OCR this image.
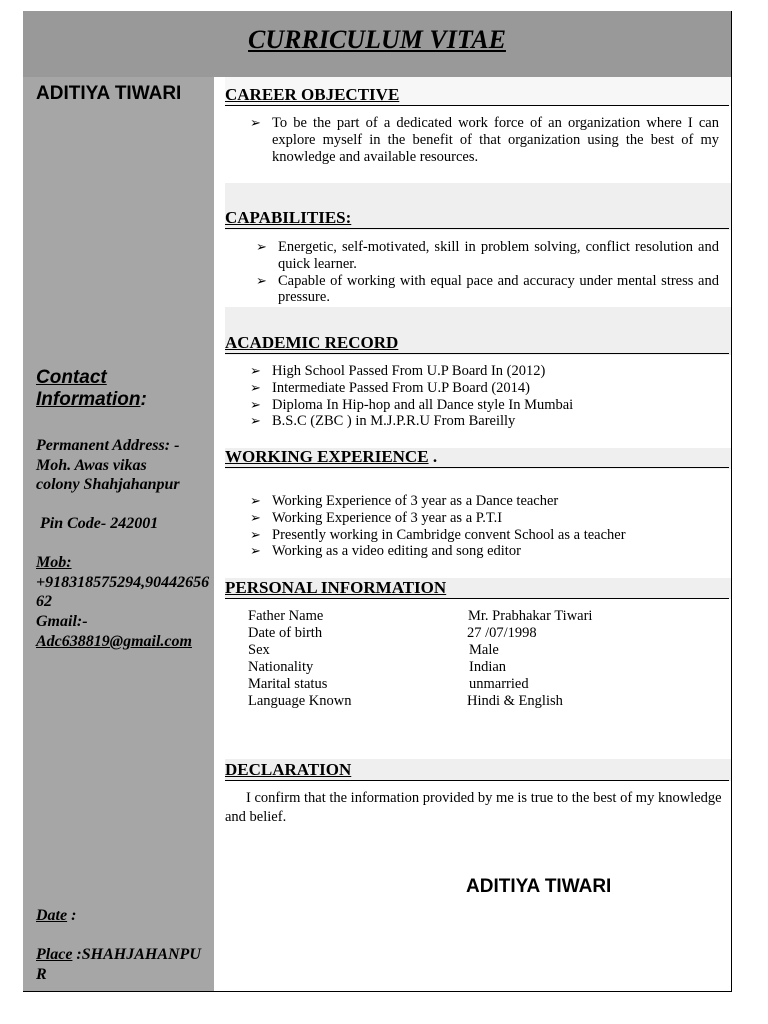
CURRICULUM VITAE
ADITIYA TIWARI
Contact Information:
Permanent Address: -
Moh. Awas vikas
colony Shahjahanpur
Pin Code- 242001
Mob:
+918318575294,9044265662
Gmail:-
Adc638819@gmail.com
Date :
Place :SHAHJAHANPUR
CAREER OBJECTIVE
➢ To be the part of a dedicated work force of an organization where I can explore myself in the benefit of that organization using the best of my knowledge and available resources.
CAPABILITIES:
➢ Energetic, self-motivated, skill in problem solving, conflict resolution and quick learner.
➢ Capable of working with equal pace and accuracy under mental stress and pressure.
ACADEMIC RECORD
➢ High School Passed From U.P Board In (2012)
➢ Intermediate Passed From U.P Board (2014)
➢ Diploma In Hip-hop and all Dance style In Mumbai
➢ B.S.C (ZBC ) in M.J.P.R.U From Bareilly
WORKING EXPERIENCE .
➢ Working Experience of 3 year as a Dance teacher
➢ Working Experience of 3 year as a P.T.I
➢ Presently working in Cambridge convent School as a teacher
➢ Working as a video editing and song editor
PERSONAL INFORMATION
Father Name	Mr. Prabhakar Tiwari
Date of birth	27 /07/1998
Sex	Male
Nationality	Indian
Marital status	unmarried
Language Known	Hindi & English
DECLARATION
I confirm that the information provided by me is true to the best of my knowledge and belief.
ADITIYA TIWARI
